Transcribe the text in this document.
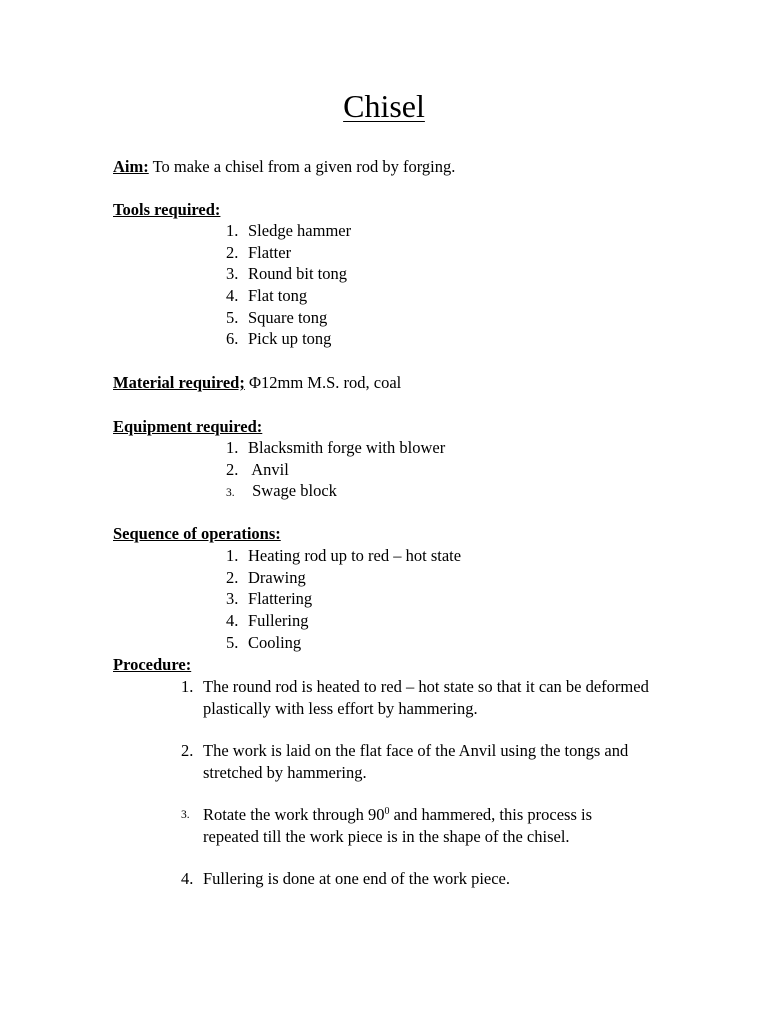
Chisel
Aim: To make a chisel from a given rod by forging.
Tools required:
1. Sledge hammer
2. Flatter
3. Round bit tong
4. Flat tong
5. Square tong
6. Pick up tong
Material required; Φ12mm M.S. rod, coal
Equipment required:
1. Blacksmith forge with blower
2. Anvil
3. Swage block
Sequence of operations:
1. Heating rod up to red – hot state
2. Drawing
3. Flattering
4. Fullering
5. Cooling
Procedure:
1. The round rod is heated to red – hot state so that it can be deformed plastically with less effort by hammering.
2. The work is laid on the flat face of the Anvil using the tongs and stretched by hammering.
3. Rotate the work through $90^0$ and hammered, this process is repeated till the work piece is in the shape of the chisel.
4. Fullering is done at one end of the work piece.
